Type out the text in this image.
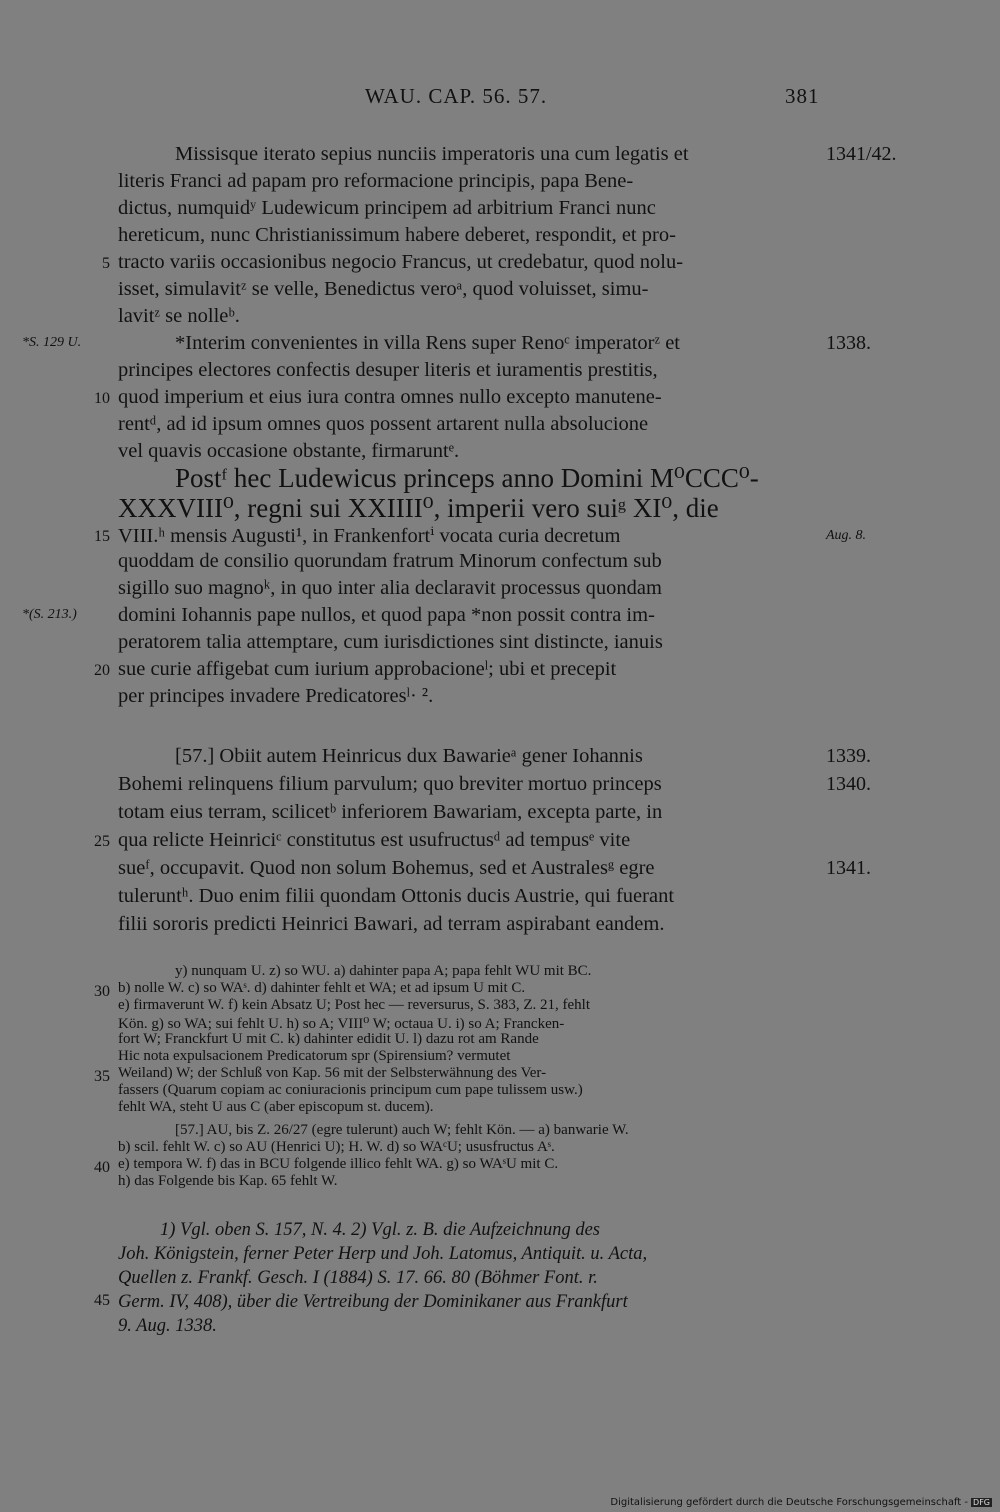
WAU. CAP. 56. 57.	381
Missisque iterato sepius nunciis imperatoris una cum legatis et
literis Franci ad papam pro reformacione principis, papa Bene-
dictus, numquidʸ Ludewicum principem ad arbitrium Franci nunc
hereticum, nunc Christianissimum habere deberet, respondit, et pro-
tracto variis occasionibus negocio Francus, ut credebatur, quod nolu-
isset, simulavitᶻ se velle, Benedictus veroᵃ, quod voluisset, simu-
lavitᶻ se nolleᵇ.
*Interim convenientes in villa Rens super Renoᶜ imperatorᶻ et
principes electores confectis desuper literis et iuramentis prestitis,
quod imperium et eius iura contra omnes nullo excepto manutene-
rentᵈ, ad id ipsum omnes quos possent artarent nulla absolucione
vel quavis occasione obstante, firmaruntᵉ.
Postᶠ hec Ludewicus princeps anno Domini M⁰CCC⁰-
XXXVIII⁰, regni sui XXIIII⁰, imperii vero suiᵍ XI⁰, die
VIII.ʰ mensis Augusti¹, in Frankenfortⁱ vocata curia decretum
quoddam de consilio quorundam fratrum Minorum confectum sub
sigillo suo magnoᵏ, in quo inter alia declaravit processus quondam
domini Iohannis pape nullos, et quod papa *non possit contra im-
peratorem talia attemptare, cum iurisdictiones sint distincte, ianuis
sue curie affigebat cum iurium approbacioneˡ; ubi et precepit
per principes invadere Predicatoresˡ· ².
[57.] Obiit autem Heinricus dux Bawarieᵃ gener Iohannis
Bohemi relinquens filium parvulum; quo breviter mortuo princeps
totam eius terram, scilicetᵇ inferiorem Bawariam, excepta parte, in
qua relicte Heinriciᶜ constitutus est usufructusᵈ ad tempusᵉ vite
sueᶠ, occupavit. Quod non solum Bohemus, sed et Australesᵍ egre
tuleruntʰ. Duo enim filii quondam Ottonis ducis Austrie, qui fuerant
filii sororis predicti Heinrici Bawari, ad terram aspirabant eandem.
5
10
15
20
25
30
35
40
45
*S. 129 U.
*(S. 213.)
1341/42.
1338.
Aug. 8.
1339.
1340.
1341.
y) nunquam U. z) so WU. a) dahinter papa A; papa fehlt WU mit BC.
b) nolle W. c) so WAˢ. d) dahinter fehlt et WA; et ad ipsum U mit C.
e) firmaverunt W. f) kein Absatz U; Post hec — reversurus, S. 383, Z. 21, fehlt
Kön. g) so WA; sui fehlt U. h) so A; VIII⁰ W; octaua U. i) so A; Francken-
fort W; Franckfurt U mit C. k) dahinter edidit U. l) dazu rot am Rande
Hic nota expulsacionem Predicatorum spr (Spirensium? vermutet
Weiland) W; der Schluß von Kap. 56 mit der Selbsterwähnung des Ver-
fassers (Quarum copiam ac coniuracionis principum cum pape tulissem usw.)
fehlt WA, steht U aus C (aber episcopum st. ducem).
[57.] AU, bis Z. 26/27 (egre tulerunt) auch W; fehlt Kön. — a) banwarie W.
b) scil. fehlt W. c) so AU (Henrici U); H. W. d) so WAᶜU; ususfructus Aˢ.
e) tempora W. f) das in BCU folgende illico fehlt WA. g) so WAˢU mit C.
h) das Folgende bis Kap. 65 fehlt W.
1) Vgl. oben S. 157, N. 4. 2) Vgl. z. B. die Aufzeichnung des
Joh. Königstein, ferner Peter Herp und Joh. Latomus, Antiquit. u. Acta,
Quellen z. Frankf. Gesch. I (1884) S. 17. 66. 80 (Böhmer Font. r.
Germ. IV, 408), über die Vertreibung der Dominikaner aus Frankfurt
9. Aug. 1338.
Digitalisierung gefördert durch die Deutsche Forschungsgemeinschaft - DFG
